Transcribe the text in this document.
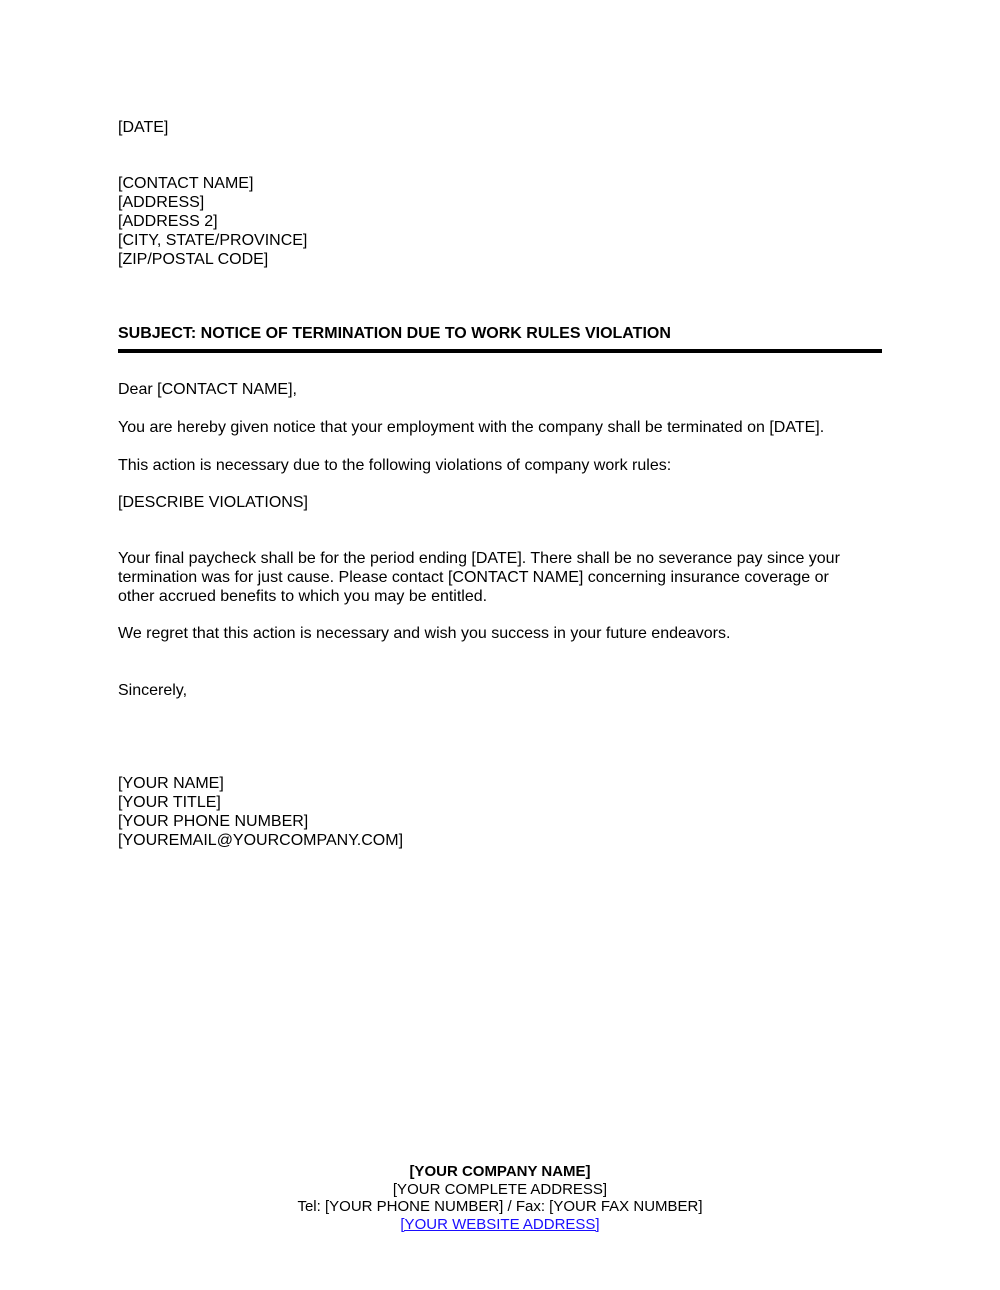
[DATE]
[CONTACT NAME]
[ADDRESS]
[ADDRESS 2]
[CITY, STATE/PROVINCE]
[ZIP/POSTAL CODE]
SUBJECT: NOTICE OF TERMINATION DUE TO WORK RULES VIOLATION
Dear [CONTACT NAME],
You are hereby given notice that your employment with the company shall be terminated on [DATE].
This action is necessary due to the following violations of company work rules:
[DESCRIBE VIOLATIONS]
Your final paycheck shall be for the period ending [DATE]. There shall be no severance pay since your
termination was for just cause. Please contact [CONTACT NAME] concerning insurance coverage or
other accrued benefits to which you may be entitled.
We regret that this action is necessary and wish you success in your future endeavors.
Sincerely,
[YOUR NAME]
[YOUR TITLE]
[YOUR PHONE NUMBER]
[YOUREMAIL@YOURCOMPANY.COM]
[YOUR COMPANY NAME]
[YOUR COMPLETE ADDRESS]
Tel: [YOUR PHONE NUMBER] / Fax: [YOUR FAX NUMBER]
[YOUR WEBSITE ADDRESS]
